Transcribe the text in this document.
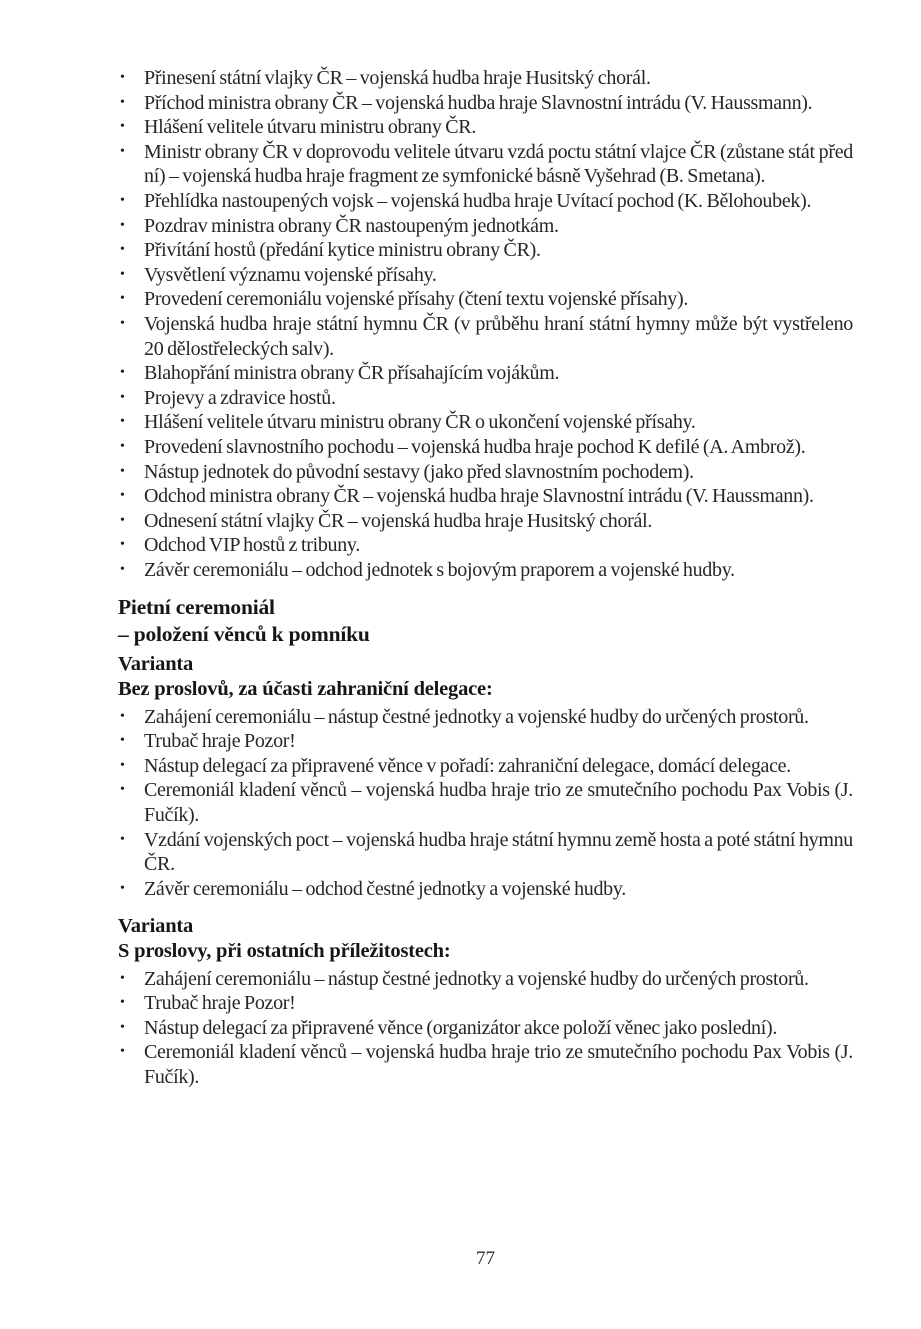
• Přinesení státní vlajky ČR – vojenská hudba hraje Husitský chorál.
• Příchod ministra obrany ČR – vojenská hudba hraje Slavnostní intrádu (V. Haussmann).
• Hlášení velitele útvaru ministru obrany ČR.
• Ministr obrany ČR v doprovodu velitele útvaru vzdá poctu státní vlajce ČR (zůstane stát před ní) – vojenská hudba hraje fragment ze symfonické básně Vyšehrad (B. Smetana).
• Přehlídka nastoupených vojsk – vojenská hudba hraje Uvítací pochod (K. Bělohoubek).
• Pozdrav ministra obrany ČR nastoupeným jednotkám.
• Přivítání hostů (předání kytice ministru obrany ČR).
• Vysvětlení významu vojenské přísahy.
• Provedení ceremoniálu vojenské přísahy (čtení textu vojenské přísahy).
• Vojenská hudba hraje státní hymnu ČR (v průběhu hraní státní hymny může být vystřeleno 20 dělostřeleckých salv).
• Blahopřání ministra obrany ČR přísahajícím vojákům.
• Projevy a zdravice hostů.
• Hlášení velitele útvaru ministru obrany ČR o ukončení vojenské přísahy.
• Provedení slavnostního pochodu – vojenská hudba hraje pochod K defilé (A. Ambrož).
• Nástup jednotek do původní sestavy (jako před slavnostním pochodem).
• Odchod ministra obrany ČR – vojenská hudba hraje Slavnostní intrádu (V. Haussmann).
• Odnesení státní vlajky ČR – vojenská hudba hraje Husitský chorál.
• Odchod VIP hostů z tribuny.
• Závěr ceremoniálu – odchod jednotek s bojovým praporem a vojenské hudby.
Pietní ceremoniál
– položení věnců k pomníku

Varianta

Bez proslovů, za účasti zahraniční delegace:

• Zahájení ceremoniálu – nástup čestné jednotky a vojenské hudby do určených prostorů.
• Trubač hraje Pozor!
• Nástup delegací za připravené věnce v pořadí: zahraniční delegace, domácí delegace.
• Ceremoniál kladení věnců – vojenská hudba hraje trio ze smutečního pochodu Pax Vobis (J. Fučík).
• Vzdání vojenských poct – vojenská hudba hraje státní hymnu země hosta a poté státní hymnu ČR.
• Závěr ceremoniálu – odchod čestné jednotky a vojenské hudby.

Varianta

S proslovy, při ostatních příležitostech:

• Zahájení ceremoniálu – nástup čestné jednotky a vojenské hudby do určených prostorů.
• Trubač hraje Pozor!
• Nástup delegací za připravené věnce (organizátor akce položí věnec jako poslední).
• Ceremoniál kladení věnců – vojenská hudba hraje trio ze smutečního pochodu Pax Vobis (J. Fučík).
77
